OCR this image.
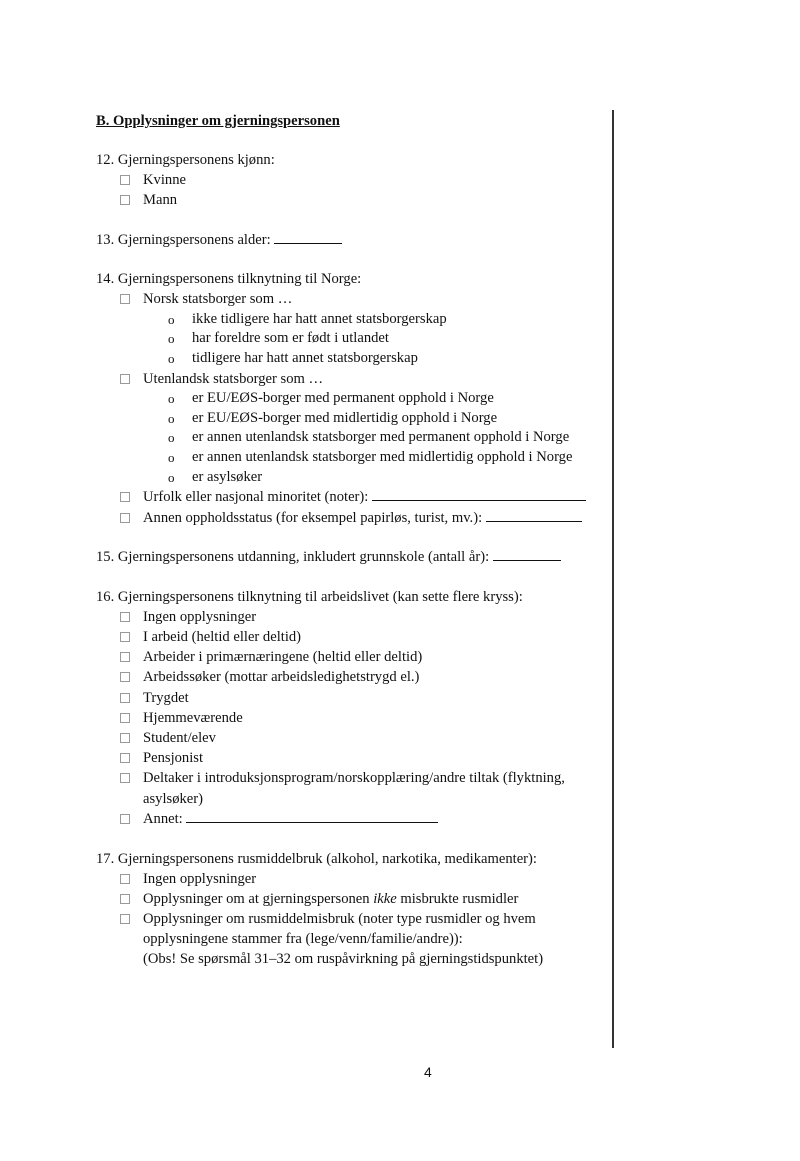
B. Opplysninger om gjerningspersonen
12. Gjerningspersonens kjønn:
Kvinne
Mann
13. Gjerningspersonens alder:
14. Gjerningspersonens tilknytning til Norge:
Norsk statsborger som …
o ikke tidligere har hatt annet statsborgerskap
o har foreldre som er født i utlandet
o tidligere har hatt annet statsborgerskap
Utenlandsk statsborger som …
o er EU/EØS-borger med permanent opphold i Norge
o er EU/EØS-borger med midlertidig opphold i Norge
o er annen utenlandsk statsborger med permanent opphold i Norge
o er annen utenlandsk statsborger med midlertidig opphold i Norge
o er asylsøker
Urfolk eller nasjonal minoritet (noter):
Annen oppholdsstatus (for eksempel papirløs, turist, mv.):
15. Gjerningspersonens utdanning, inkludert grunnskole (antall år):
16. Gjerningspersonens tilknytning til arbeidslivet (kan sette flere kryss):
Ingen opplysninger
I arbeid (heltid eller deltid)
Arbeider i primærnæringene (heltid eller deltid)
Arbeidssøker (mottar arbeidsledighetstrygd el.)
Trygdet
Hjemmeværende
Student/elev
Pensjonist
Deltaker i introduksjonsprogram/norskopplæring/andre tiltak (flyktning, asylsøker)
Annet:
17. Gjerningspersonens rusmiddelbruk (alkohol, narkotika, medikamenter):
Ingen opplysninger
Opplysninger om at gjerningspersonen ikke misbrukte rusmidler
Opplysninger om rusmiddelmisbruk (noter type rusmidler og hvem opplysningene stammer fra (lege/venn/familie/andre)):
(Obs! Se spørsmål 31–32 om ruspåvirkning på gjerningstidspunktet)
4
